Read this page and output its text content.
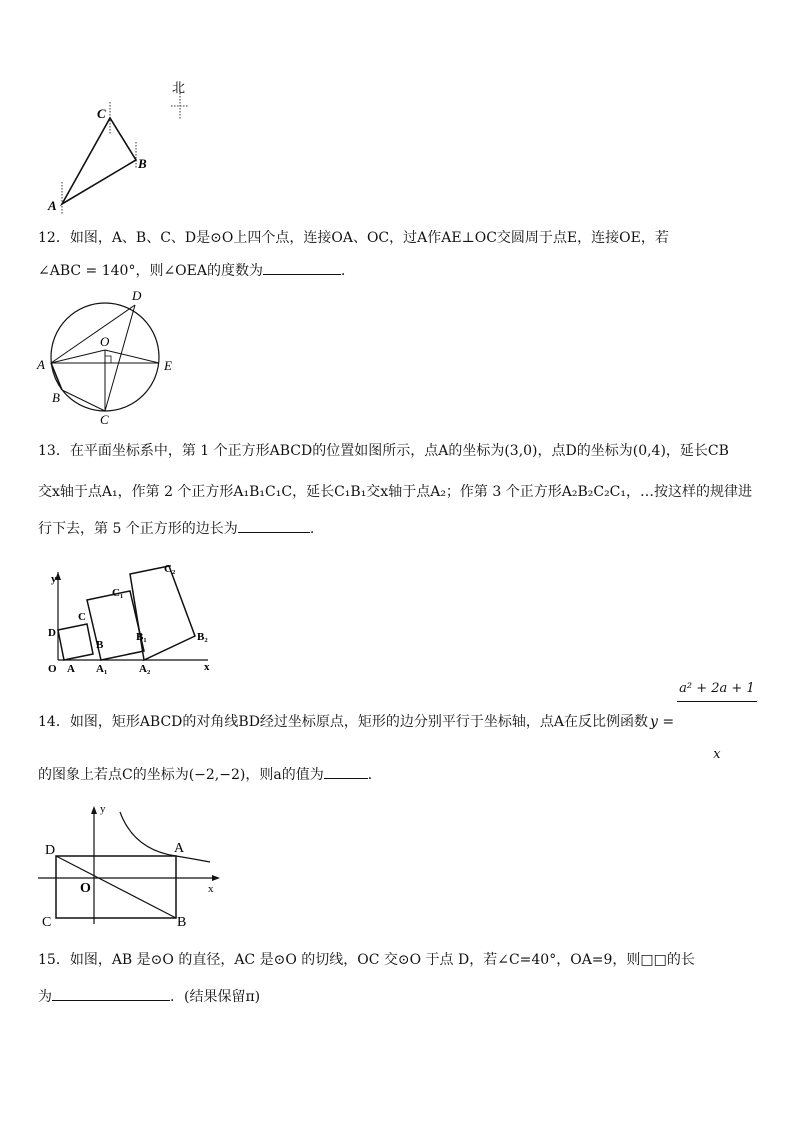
北
A
B
C
12．如图，A、B、C、D是⊙O上四个点，连接OA、OC，过A作AE⊥OC交圆周于点E，连接OE，若
∠ABC = 140°，则∠OEA的度数为	．
A
B
C
D
E
O
13．在平面坐标系中，第 1 个正方形ABCD的位置如图所示，点A的坐标为(3,0)，点D的坐标为(0,4)，延长CB
交x轴于点A₁，作第 2 个正方形A₁B₁C₁C，延长C₁B₁交x轴于点A₂；作第 3 个正方形A₂B₂C₂C₁，…按这样的规律进
行下去，第 5 个正方形的边长为	.
y
x
O A
D
C
B
A₁
B₁
C₁
A₂
B₂
C₂
14．如图，矩形ABCD的对角线BD经过坐标原点，矩形的边分别平行于坐标轴，点A在反比例函数 y =

$\frac{\text{a² + 2a + 1}}{x}$

的图象上若点C的坐标为(−2,−2)，则a的值为	．
y
x
O
A
B
C
D
15．如图，AB 是⊙O 的直径，AC 是⊙O 的切线，OC 交⊙O 于点 D，若∠C=40°，OA=9，则□□的长
为	．(结果保留π)
